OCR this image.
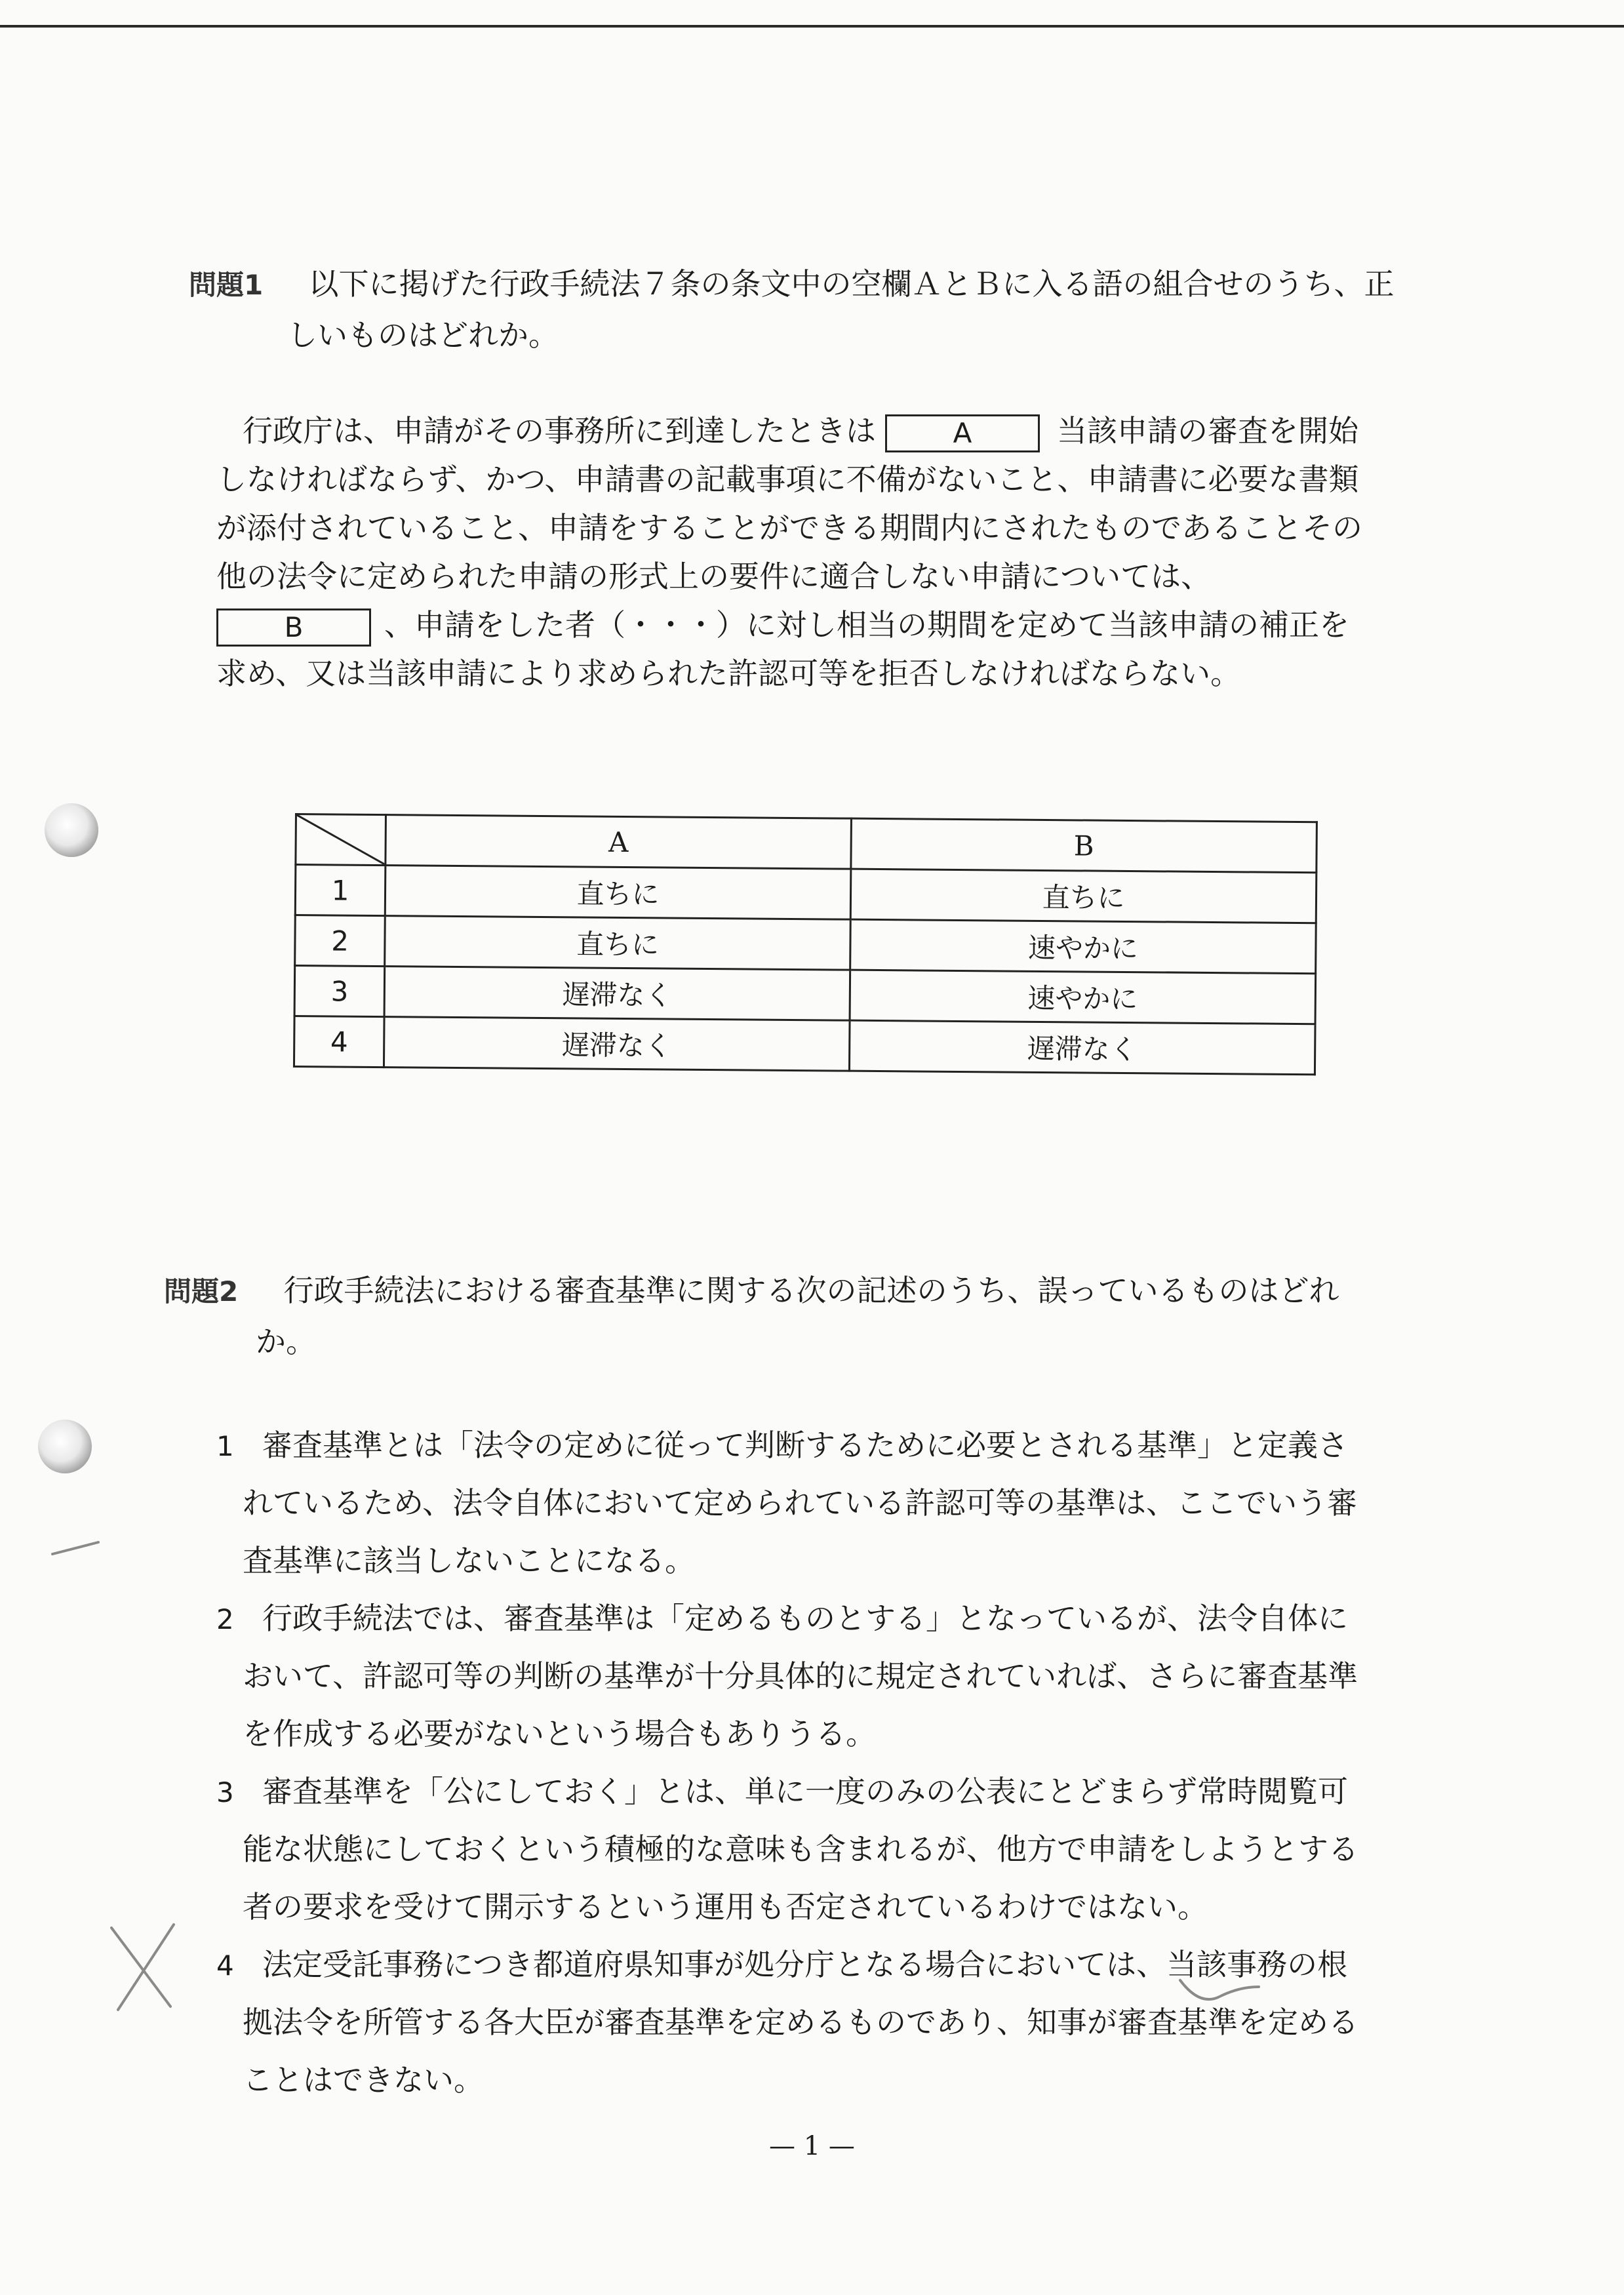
問題1 以下に掲げた行政手続法７条の条文中の空欄ＡとＢに入る語の組合せのうち、正
しいものはどれか。
行政庁は、申請がその事務所に到達したときは	A	当該申請の審査を開始
しなければならず、かつ、申請書の記載事項に不備がないこと、申請書に必要な書類
が添付されていること、申請をすることができる期間内にされたものであることその
他の法令に定められた申請の形式上の要件に適合しない申請については、
B	、申請をした者（・・・）に対し相当の期間を定めて当該申請の補正を
求め、又は当該申請により求められた許認可等を拒否しなければならない。
	A	B
1	直ちに	直ちに
2	直ちに	速やかに
3	遅滞なく	速やかに
4	遅滞なく	遅滞なく
問題2 行政手続法における審査基準に関する次の記述のうち、誤っているものはどれ
か。
1 審査基準とは「法令の定めに従って判断するために必要とされる基準」と定義さ
れているため、法令自体において定められている許認可等の基準は、ここでいう審
査基準に該当しないことになる。
2 行政手続法では、審査基準は「定めるものとする」となっているが、法令自体に
おいて、許認可等の判断の基準が十分具体的に規定されていれば、さらに審査基準
を作成する必要がないという場合もありうる。
3 審査基準を「公にしておく」とは、単に一度のみの公表にとどまらず常時閲覧可
能な状態にしておくという積極的な意味も含まれるが、他方で申請をしようとする
者の要求を受けて開示するという運用も否定されているわけではない。
4 法定受託事務につき都道府県知事が処分庁となる場合においては、当該事務の根
拠法令を所管する各大臣が審査基準を定めるものであり、知事が審査基準を定める
ことはできない。
— 1 —
